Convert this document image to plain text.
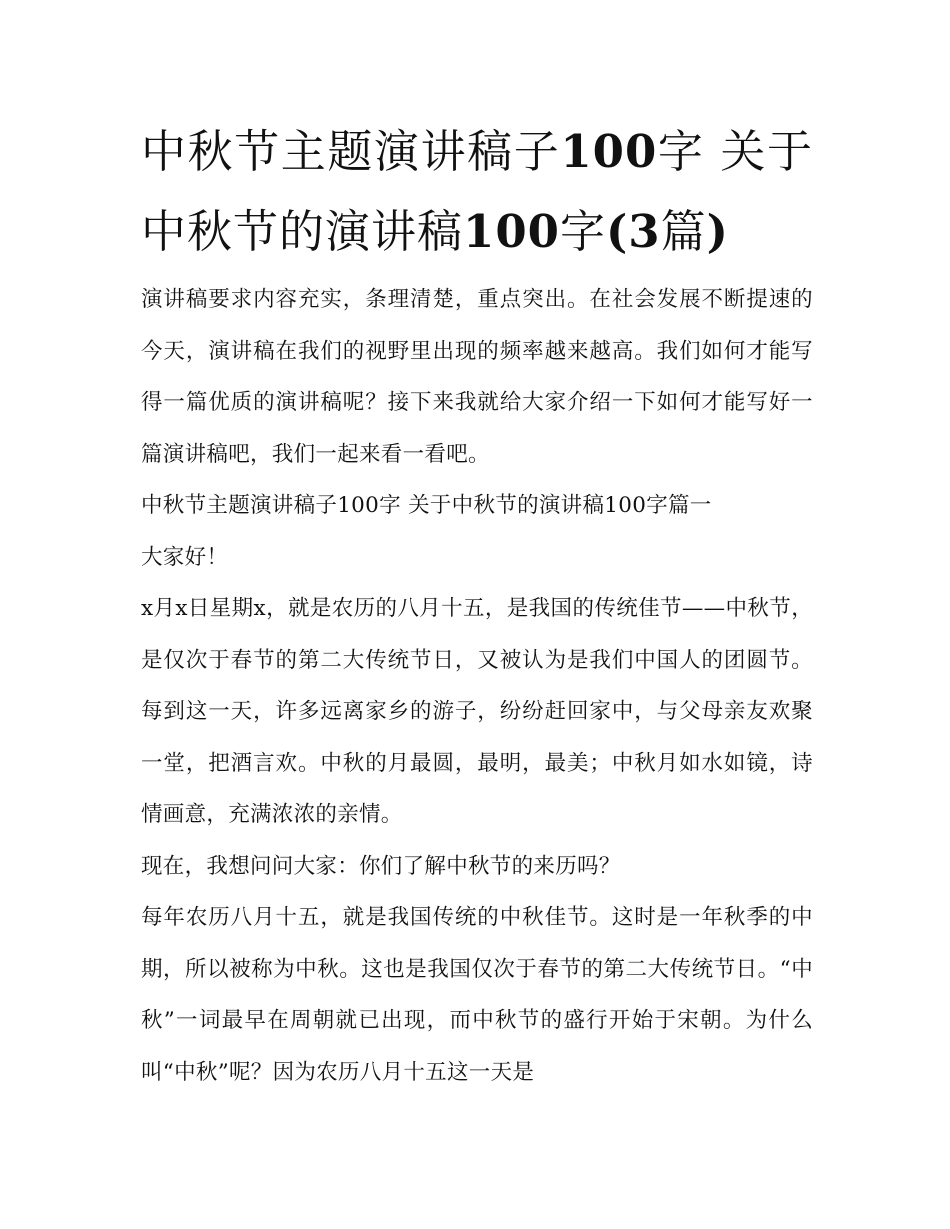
中秋节主题演讲稿子100字 关于中秋节的演讲稿100字(3篇)

演讲稿要求内容充实，条理清楚，重点突出。在社会发展不断提速的今天，演讲稿在我们的视野里出现的频率越来越高。我们如何才能写得一篇优质的演讲稿呢？接下来我就给大家介绍一下如何才能写好一篇演讲稿吧，我们一起来看一看吧。

中秋节主题演讲稿子100字 关于中秋节的演讲稿100字篇一

大家好！

x月x日星期x，就是农历的八月十五，是我国的传统佳节——中秋节，是仅次于春节的第二大传统节日，又被认为是我们中国人的团圆节。每到这一天，许多远离家乡的游子，纷纷赶回家中，与父母亲友欢聚一堂，把酒言欢。中秋的月最圆，最明，最美；中秋月如水如镜，诗情画意，充满浓浓的亲情。

现在，我想问问大家：你们了解中秋节的来历吗？

每年农历八月十五，就是我国传统的中秋佳节。这时是一年秋季的中期，所以被称为中秋。这也是我国仅次于春节的第二大传统节日。“中秋”一词最早在周朝就已出现，而中秋节的盛行开始于宋朝。为什么叫“中秋”呢？因为农历八月十五这一天是
